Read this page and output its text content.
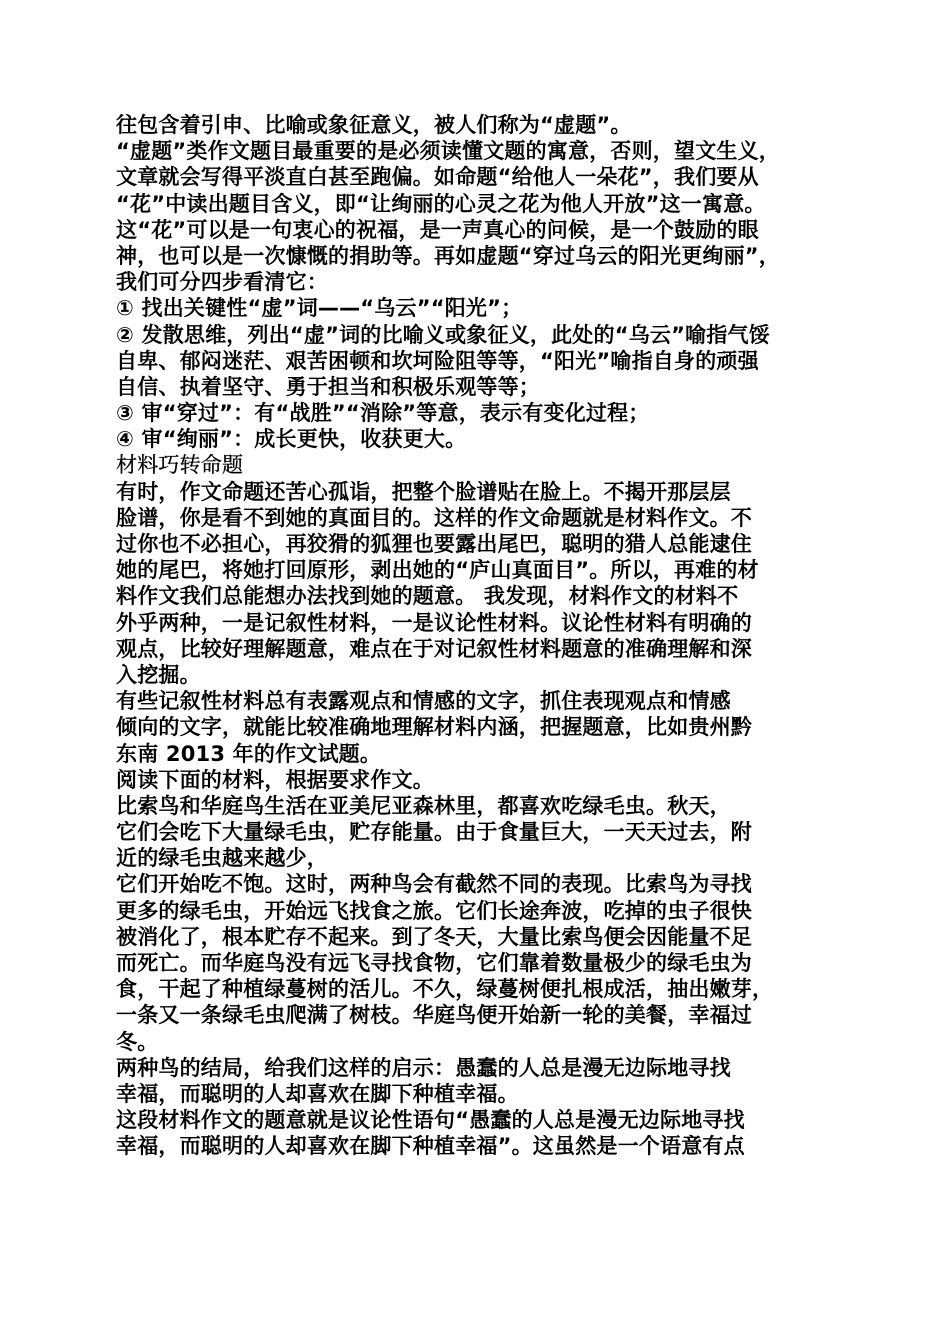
往包含着引申、比喻或象征意义，被人们称为“虚题”。
“虚题”类作文题目最重要的是必须读懂文题的寓意，否则，望文生义，
文章就会写得平淡直白甚至跑偏。如命题“给他人一朵花”，我们要从
“花”中读出题目含义，即“让绚丽的心灵之花为他人开放”这一寓意。
这“花”可以是一句衷心的祝福，是一声真心的问候，是一个鼓励的眼
神，也可以是一次慷慨的捐助等。再如虚题“穿过乌云的阳光更绚丽”，
我们可分四步看清它：
① 找出关键性“虚”词——“乌云”“阳光”；
② 发散思维，列出“虚”词的比喻义或象征义，此处的“乌云”喻指气馁
自卑、郁闷迷茫、艰苦困顿和坎坷险阻等等，“阳光”喻指自身的顽强
自信、执着坚守、勇于担当和积极乐观等等；
③ 审“穿过”：有“战胜”“消除”等意，表示有变化过程；
④ 审“绚丽”：成长更快，收获更大。
材料巧转命题
有时，作文命题还苦心孤诣，把整个脸谱贴在脸上。不揭开那层层
脸谱，你是看不到她的真面目的。这样的作文命题就是材料作文。不
过你也不必担心，再狡猾的狐狸也要露出尾巴，聪明的猎人总能逮住
她的尾巴，将她打回原形，剥出她的“庐山真面目”。所以，再难的材
料作文我们总能想办法找到她的题意。 我发现，材料作文的材料不
外乎两种，一是记叙性材料，一是议论性材料。议论性材料有明确的
观点，比较好理解题意，难点在于对记叙性材料题意的准确理解和深
入挖掘。
有些记叙性材料总有表露观点和情感的文字，抓住表现观点和情感
倾向的文字，就能比较准确地理解材料内涵，把握题意，比如贵州黔
东南 2013 年的作文试题。
阅读下面的材料，根据要求作文。
比索鸟和华庭鸟生活在亚美尼亚森林里，都喜欢吃绿毛虫。秋天，
它们会吃下大量绿毛虫，贮存能量。由于食量巨大，一天天过去，附
近的绿毛虫越来越少，
它们开始吃不饱。这时，两种鸟会有截然不同的表现。比索鸟为寻找
更多的绿毛虫，开始远飞找食之旅。它们长途奔波，吃掉的虫子很快
被消化了，根本贮存不起来。到了冬天，大量比索鸟便会因能量不足
而死亡。而华庭鸟没有远飞寻找食物，它们靠着数量极少的绿毛虫为
食，干起了种植绿蔓树的活儿。不久，绿蔓树便扎根成活，抽出嫩芽，
一条又一条绿毛虫爬满了树枝。华庭鸟便开始新一轮的美餐，幸福过
冬。
两种鸟的结局，给我们这样的启示：愚蠢的人总是漫无边际地寻找
幸福，而聪明的人却喜欢在脚下种植幸福。
这段材料作文的题意就是议论性语句“愚蠢的人总是漫无边际地寻找
幸福，而聪明的人却喜欢在脚下种植幸福”。这虽然是一个语意有点
